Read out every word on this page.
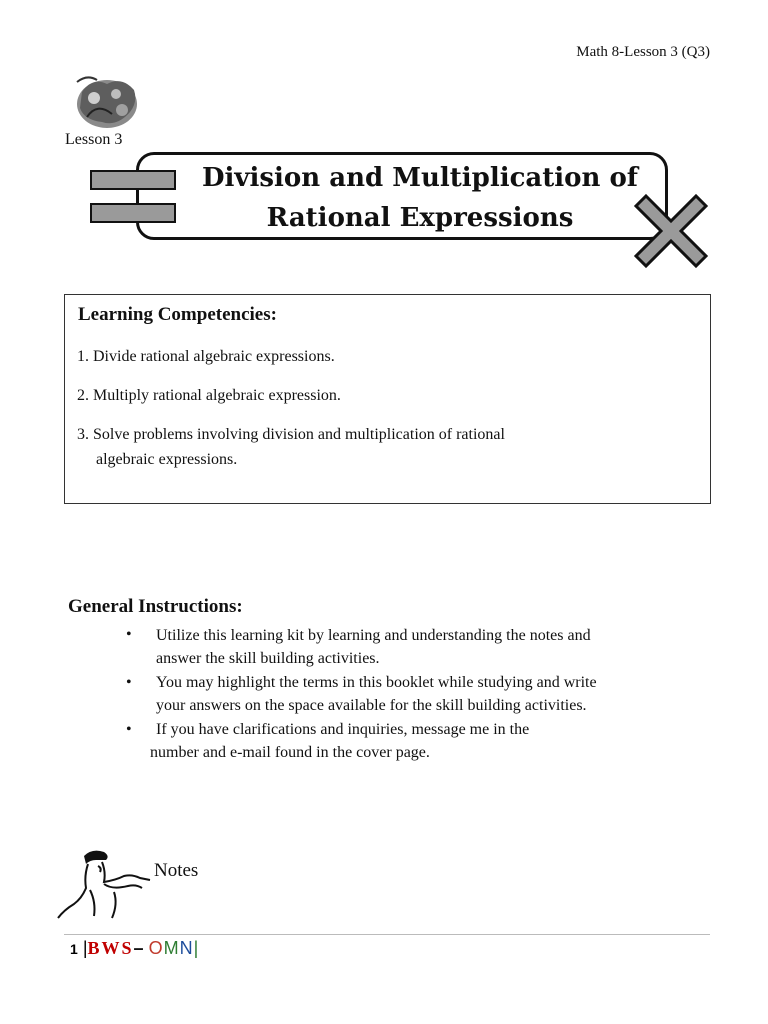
Math 8-Lesson 3 (Q3)
Lesson 3
Division and Multiplication of
Rational Expressions
Learning Competencies:
1. Divide rational algebraic expressions.
2. Multiply rational algebraic expression.
3. Solve problems involving division and multiplication of rational
algebraic expressions.
General Instructions:
• Utilize this learning kit by learning and understanding the notes and
answer the skill building activities.
• You may highlight the terms in this booklet while studying and write
your answers on the space available for the skill building activities.
• If you have clarifications and inquiries, message me in the
number and e-mail found in the cover page.
Notes
1 |BWS– OMN|
